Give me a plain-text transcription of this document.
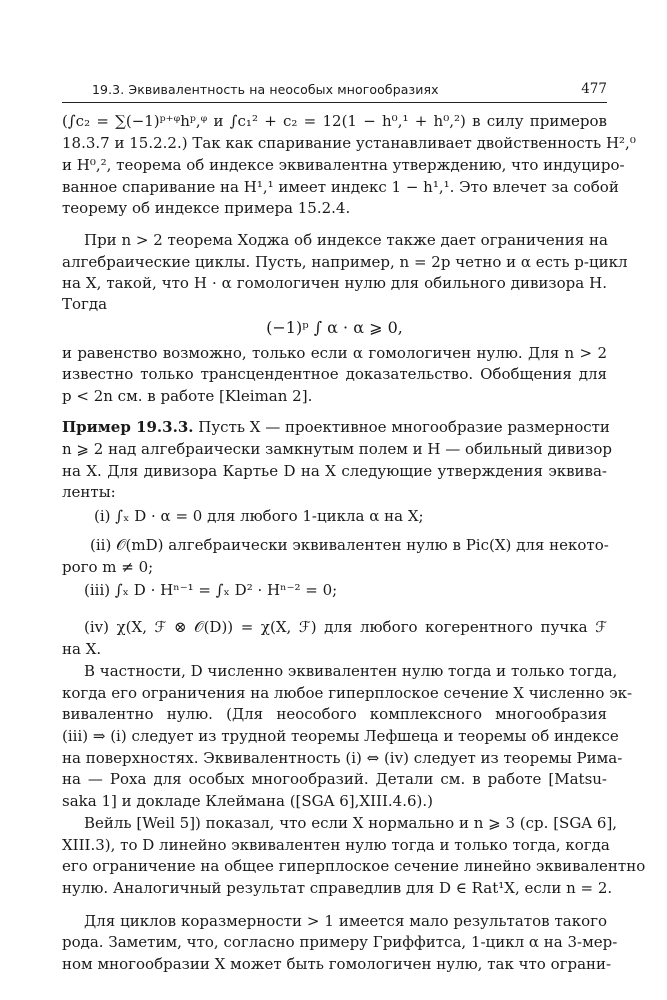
19.3. Эквивалентность на неособых многообразиях	477
(∫c₂ = ∑(−1)ᵖ⁺ᵠhᵖ,ᵠ и ∫c₁² + c₂ = 12(1 − h⁰,¹ + h⁰,²) в силу примеров
18.3.7 и 15.2.2.) Так как спаривание устанавливает двойственность H²,⁰
и H⁰,², теорема об индексе эквивалентна утверждению, что индуциро-
ванное спаривание на H¹,¹ имеет индекс 1 − h¹,¹. Это влечет за собой
теорему об индексе примера 15.2.4.
При n > 2 теорема Ходжа об индексе также дает ограничения на
алгебраические циклы. Пусть, например, n = 2p четно и α есть p-цикл
на X, такой, что H · α гомологичен нулю для обильного дивизора H.
Тогда
(−1)ᵖ ∫ α · α ⩾ 0,
и равенство возможно, только если α гомологичен нулю. Для n > 2
известно только трансцендентное доказательство. Обобщения для
p < 2n см. в работе [Kleiman 2].
Пример 19.3.3. Пусть X — проективное многообразие размерности
n ⩾ 2 над алгебраически замкнутым полем и H — обильный дивизор
на X. Для дивизора Картье D на X следующие утверждения эквива-
ленты:
(i) ∫ₓ D · α = 0 для любого 1-цикла α на X;
(ii) 𝒪(mD) алгебраически эквивалентен нулю в Pic(X) для некото-
рого m ≠ 0;
(iii) ∫ₓ D · Hⁿ⁻¹ = ∫ₓ D² · Hⁿ⁻² = 0;
(iv) χ(X, ℱ ⊗ 𝒪(D)) = χ(X, ℱ) для любого когерентного пучка ℱ
на X.
В частности, D численно эквивалентен нулю тогда и только тогда,
когда его ограничения на любое гиперплоское сечение X численно эк-
вивалентно нулю. (Для неособого комплексного многообразия
(iii) ⇒ (i) следует из трудной теоремы Лефшеца и теоремы об индексе
на поверхностях. Эквивалентность (i) ⇔ (iv) следует из теоремы Рима-
на — Роха для особых многообразий. Детали см. в работе [Matsu-
saka 1] и докладе Клеймана ([SGA 6],XIII.4.6).)
Вейль [Weil 5]) показал, что если X нормально и n ⩾ 3 (ср. [SGA 6],
XIII.3), то D линейно эквивалентен нулю тогда и только тогда, когда
его ограничение на общее гиперплоское сечение линейно эквивалентно
нулю. Аналогичный результат справедлив для D ∈ Rat¹X, если n = 2.
Для циклов коразмерности > 1 имеется мало результатов такого
рода. Заметим, что, согласно примеру Гриффитса, 1-цикл α на 3-мер-
ном многообразии X может быть гомологичен нулю, так что ограни-
